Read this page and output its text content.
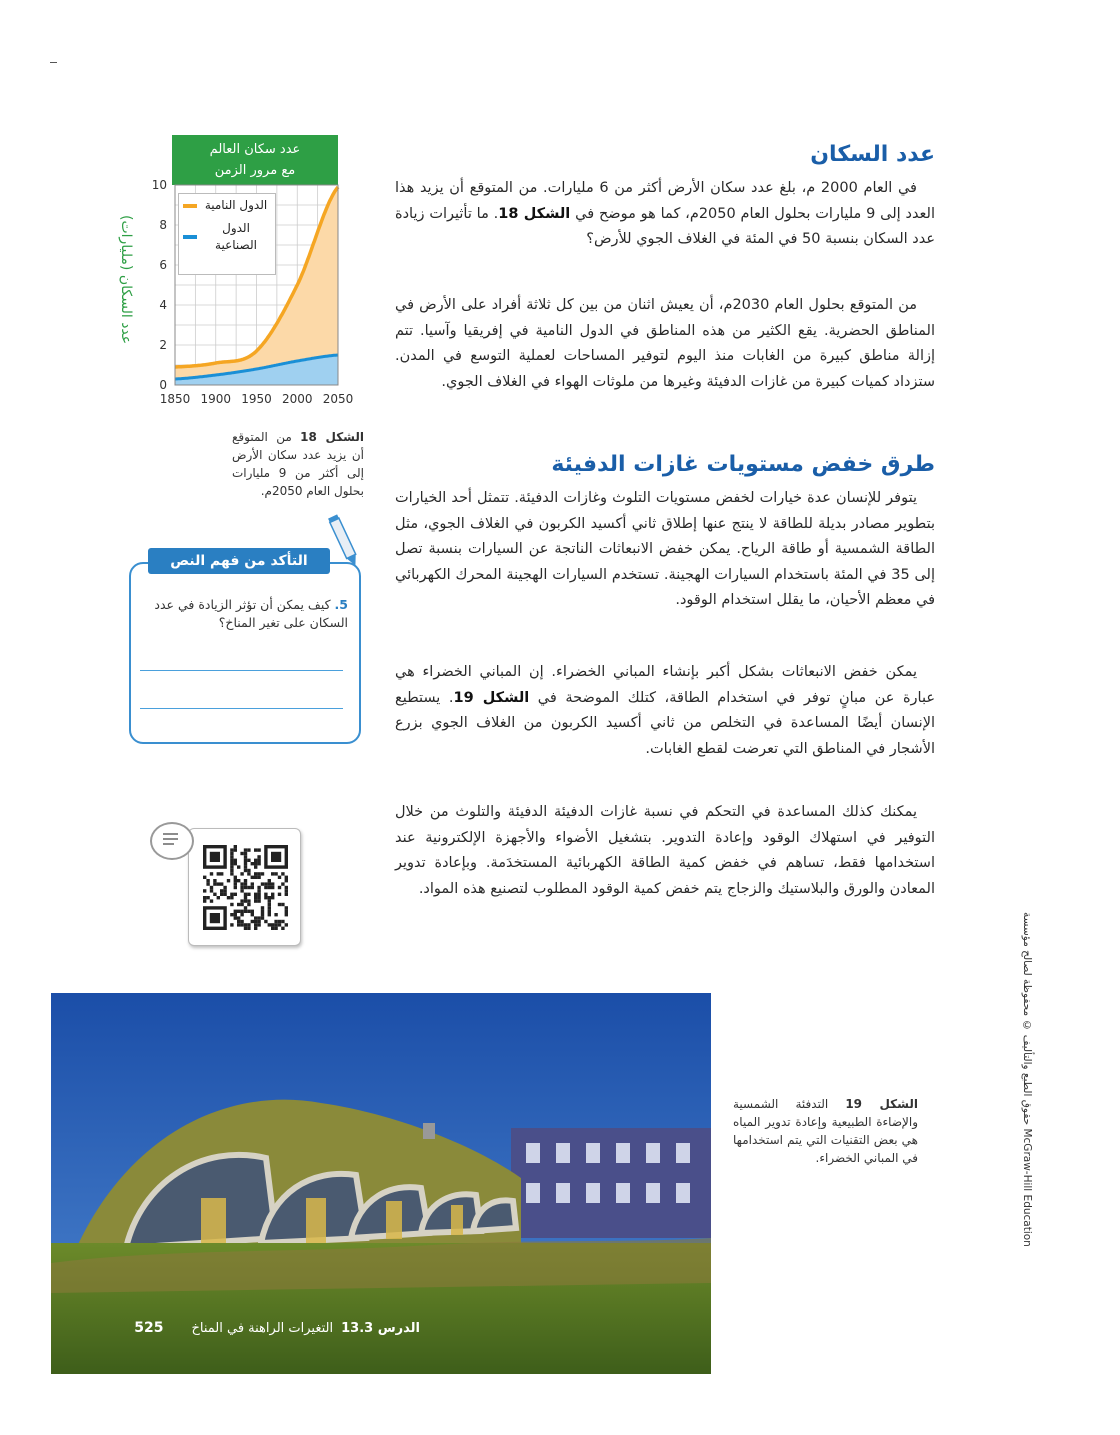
عدد السكان
في العام 2000 م، بلغ عدد سكان الأرض أكثر من 6 مليارات. من المتوقع أن يزيد هذا العدد إلى 9 مليارات بحلول العام 2050م، كما هو موضح في الشكل 18. ما تأثيرات زيادة عدد السكان بنسبة 50 في المئة في الغلاف الجوي للأرض؟
من المتوقع بحلول العام 2030م، أن يعيش اثنان من بين كل ثلاثة أفراد على الأرض في المناطق الحضرية. يقع الكثير من هذه المناطق في الدول النامية في إفريقيا وآسيا. تتم إزالة مناطق كبيرة من الغابات منذ اليوم لتوفير المساحات لعملية التوسع في المدن. ستزداد كميات كبيرة من غازات الدفيئة وغيرها من ملوثات الهواء في الغلاف الجوي.
طرق خفض مستويات غازات الدفيئة
يتوفر للإنسان عدة خيارات لخفض مستويات التلوث وغازات الدفيئة. تتمثل أحد الخيارات بتطوير مصادر بديلة للطاقة لا ينتج عنها إطلاق ثاني أكسيد الكربون في الغلاف الجوي، مثل الطاقة الشمسية أو طاقة الرياح. يمكن خفض الانبعاثات الناتجة عن السيارات بنسبة تصل إلى 35 في المئة باستخدام السيارات الهجينة. تستخدم السيارات الهجينة المحرك الكهربائي في معظم الأحيان، ما يقلل استخدام الوقود.
يمكن خفض الانبعاثات بشكل أكبر بإنشاء المباني الخضراء. إن المباني الخضراء هي عبارة عن مبانٍ توفر في استخدام الطاقة، كتلك الموضحة في الشكل 19. يستطيع الإنسان أيضًا المساعدة في التخلص من ثاني أكسيد الكربون من الغلاف الجوي بزرع الأشجار في المناطق التي تعرضت لقطع الغابات.
يمكنك كذلك المساعدة في التحكم في نسبة غازات الدفيئة الدفيئة والتلوث من خلال التوفير في استهلاك الوقود وإعادة التدوير. بتشغيل الأضواء والأجهزة الإلكترونية عند استخدامها فقط، تساهم في خفض كمية الطاقة الكهربائية المستخدَمة. وبإعادة تدوير المعادن والورق والبلاستيك والزجاج يتم خفض كمية الوقود المطلوب لتصنيع هذه المواد.
عدد سكان العالم
مع مرور الزمن
0
2
4
6
8
10
1850 1900 1950 2000 2050
الدول النامية
الدول الصناعية
عدد السكان (مليارات)
الشكل 18 من المتوقع أن يزيد عدد سكان الأرض إلى أكثر من 9 مليارات بحلول العام 2050م.
التأكد من فهم النص
5. كيف يمكن أن تؤثر الزيادة في عدد السكان على تغير المناخ؟
الدرس 13.3
التغيرات الراهنة في المناخ
525
الشكل 19 التدفئة الشمسية والإضاءة الطبيعية وإعادة تدوير المياه هي بعض التقنيات التي يتم استخدامها في المباني الخضراء.
حقوق الطبع والتأليف © محفوظة لصالح مؤسسة McGraw-Hill Education
